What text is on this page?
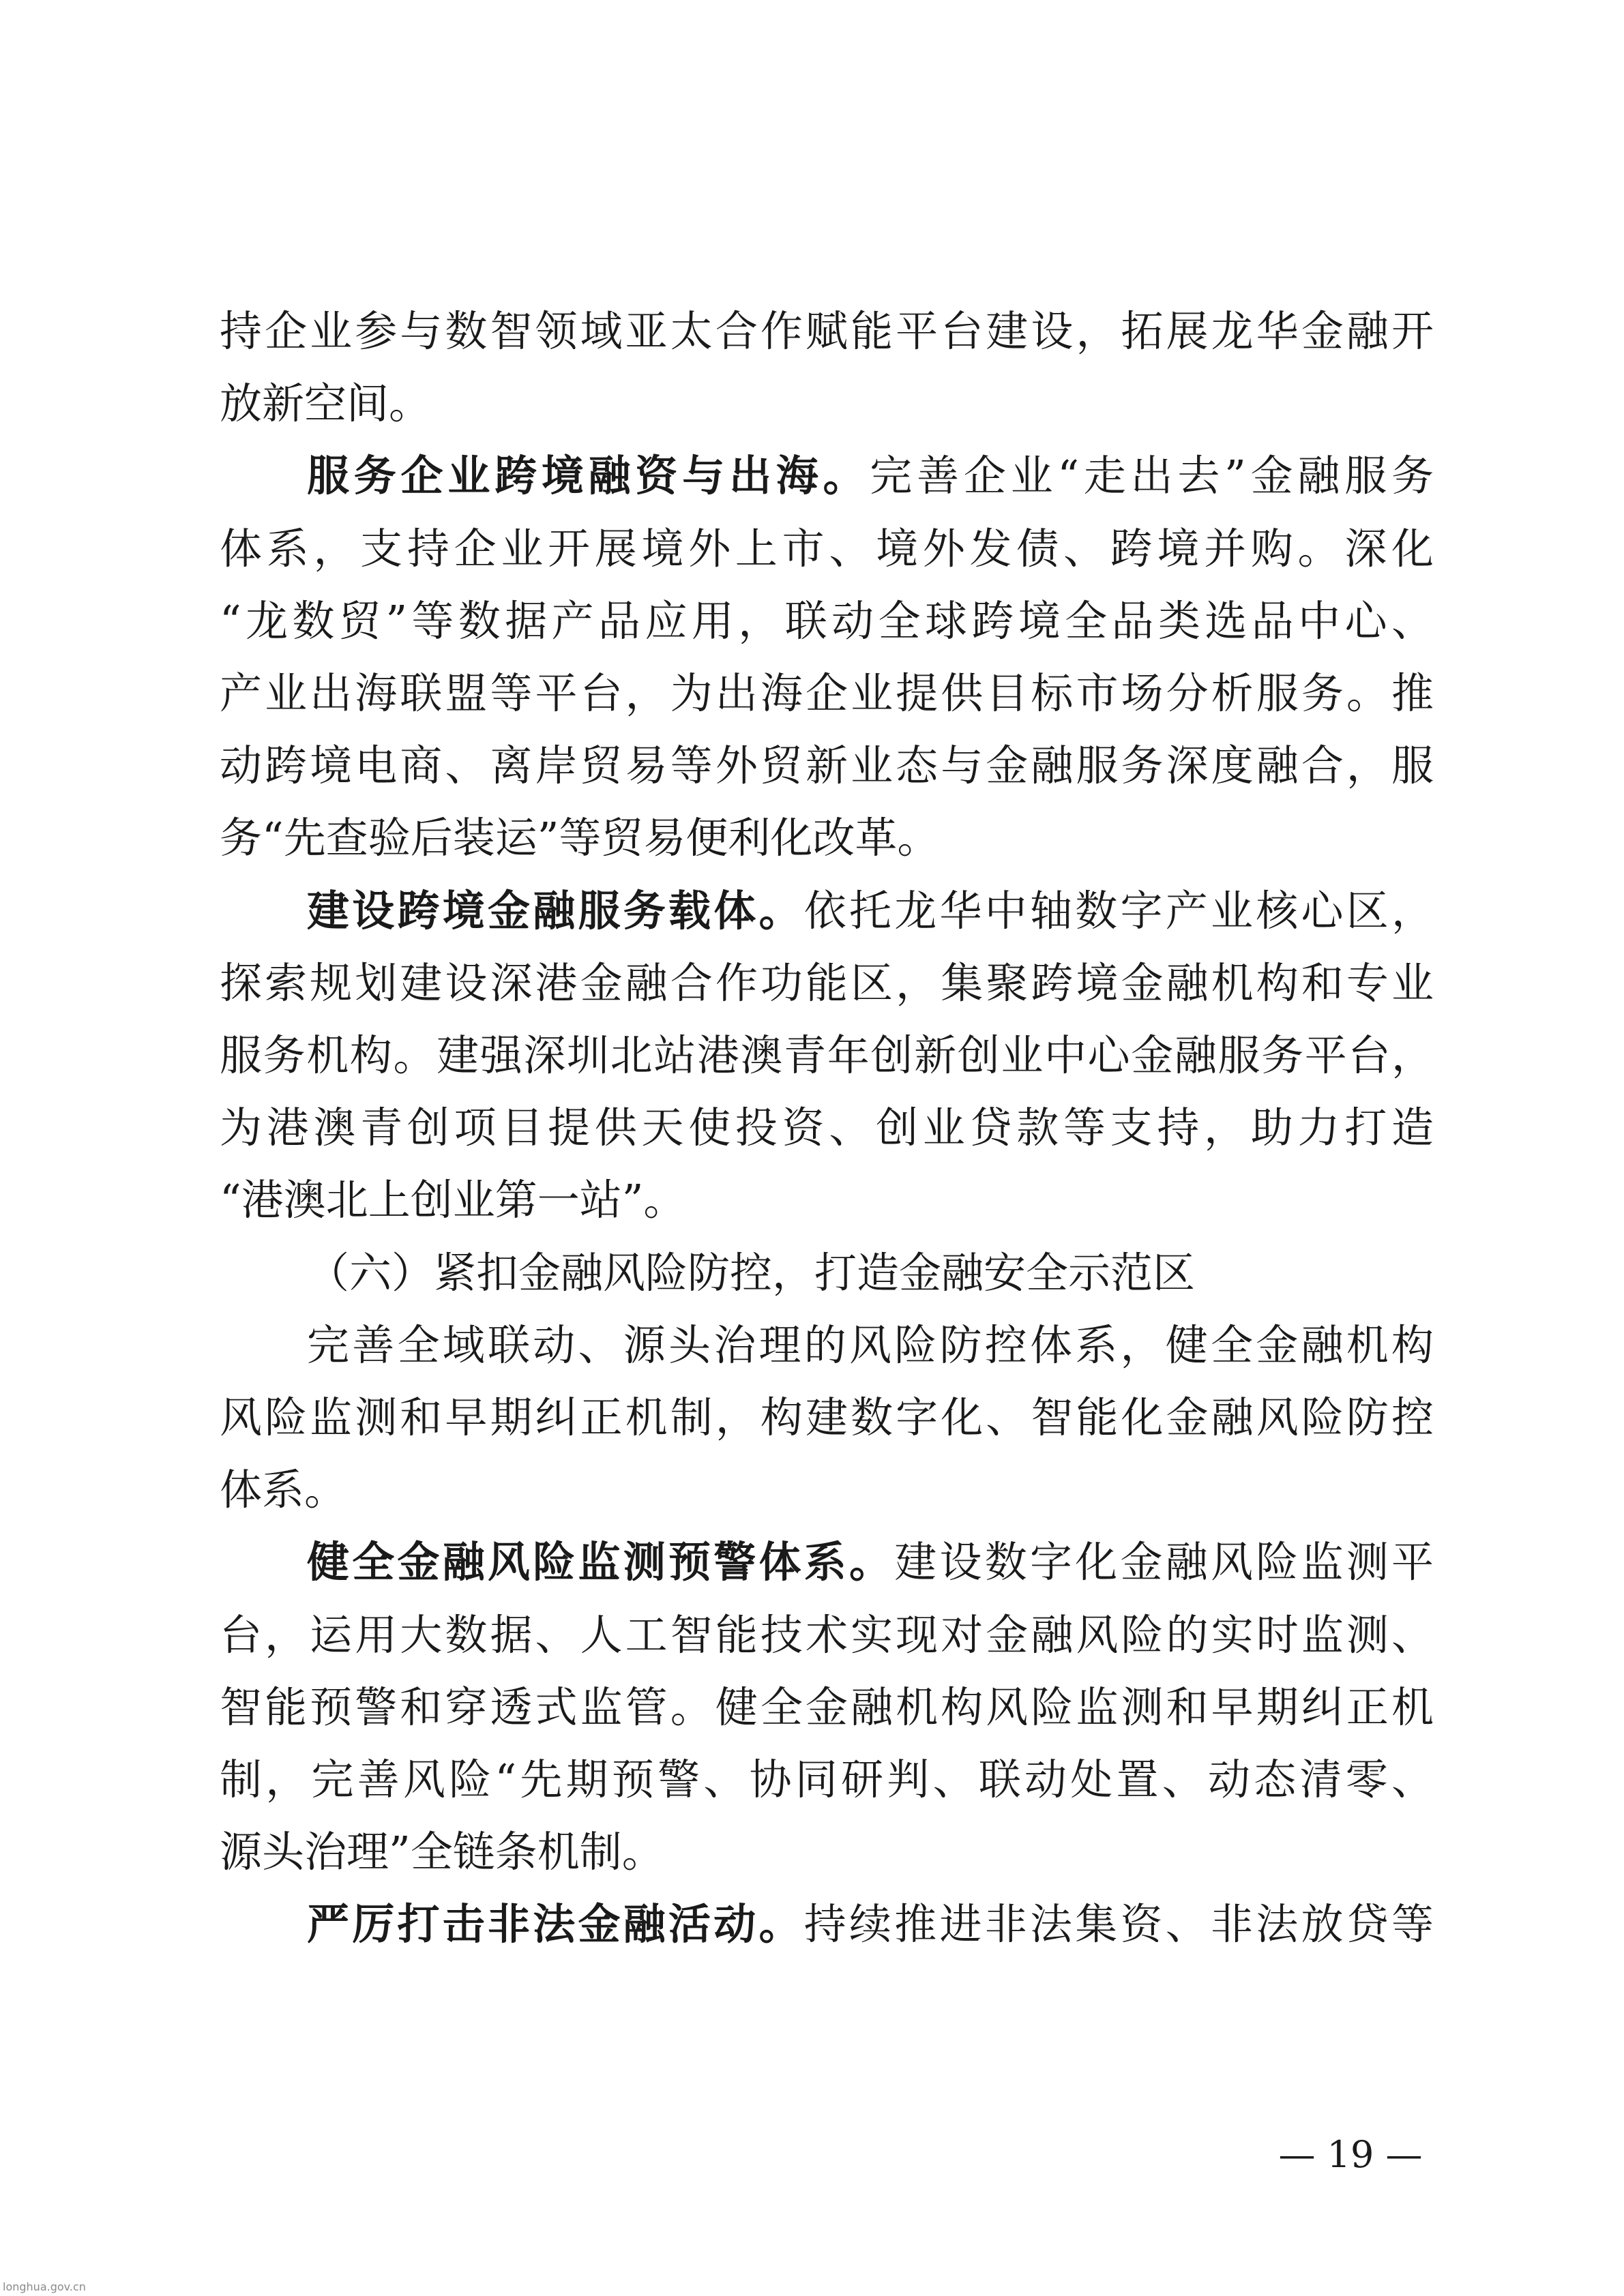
持企业参与数智领域亚太合作赋能平台建设，拓展龙华金融开

放新空间。

服务企业跨境融资与出海。完善企业“走出去”金融服务

体系，支持企业开展境外上市、境外发债、跨境并购。深化

“龙数贸”等数据产品应用，联动全球跨境全品类选品中心、

产业出海联盟等平台，为出海企业提供目标市场分析服务。推

动跨境电商、离岸贸易等外贸新业态与金融服务深度融合，服

务“先查验后装运”等贸易便利化改革。

建设跨境金融服务载体。依托龙华中轴数字产业核心区，

探索规划建设深港金融合作功能区，集聚跨境金融机构和专业

服务机构。建强深圳北站港澳青年创新创业中心金融服务平台，

为港澳青创项目提供天使投资、创业贷款等支持，助力打造

“港澳北上创业第一站”。

（六）紧扣金融风险防控，打造金融安全示范区

完善全域联动、源头治理的风险防控体系，健全金融机构

风险监测和早期纠正机制，构建数字化、智能化金融风险防控

体系。

健全金融风险监测预警体系。建设数字化金融风险监测平

台，运用大数据、人工智能技术实现对金融风险的实时监测、

智能预警和穿透式监管。健全金融机构风险监测和早期纠正机

制，完善风险“先期预警、协同研判、联动处置、动态清零、

源头治理”全链条机制。

严厉打击非法金融活动。持续推进非法集资、非法放贷等

— 19 —
longhua.gov.cn
